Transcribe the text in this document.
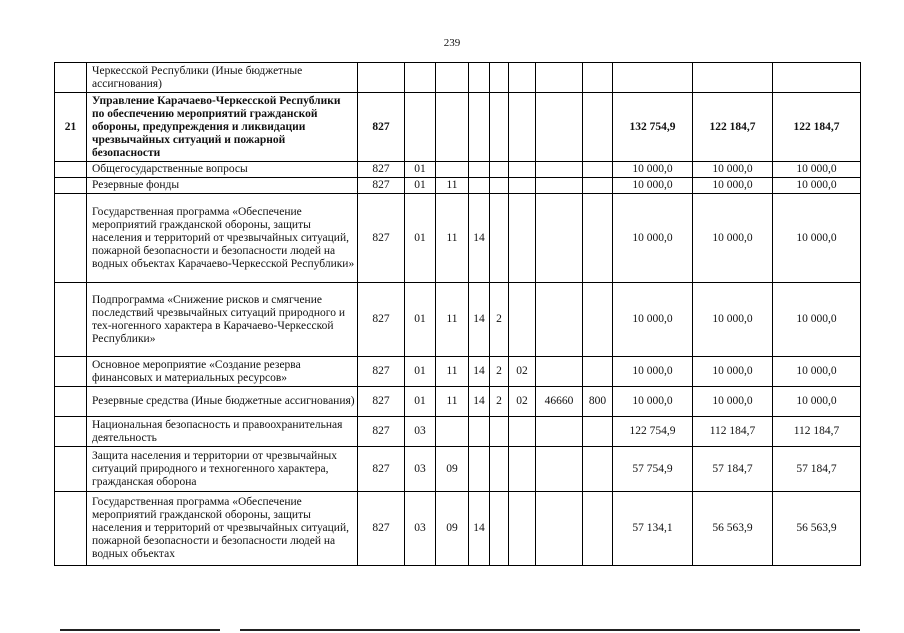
239
	Черкесской Республики (Иные бюджетные ассигнования)											
21	Управление Карачаево-Черкесской Республики по обеспечению мероприятий гражданской обороны, предупреждения и ликвидации чрезвычайных ситуаций и пожарной безопасности	827								132 754,9	122 184,7	122 184,7
	Общегосударственные вопросы	827	01							10 000,0	10 000,0	10 000,0
	Резервные фонды	827	01	11						10 000,0	10 000,0	10 000,0
	Государственная программа «Обеспечение мероприятий гражданской обороны, защиты населения и территорий от чрезвычайных ситуаций, пожарной безопасности и безопасности людей на водных объектах Карачаево-Черкесской Республики»	827	01	11	14					10 000,0	10 000,0	10 000,0
	Подпрограмма «Снижение рисков и смягчение последствий чрезвычайных ситуаций природного и тех-ногенного характера в Карачаево-Черкесской Республики»	827	01	11	14	2				10 000,0	10 000,0	10 000,0
	Основное мероприятие «Создание резерва финансовых и материальных ресурсов»	827	01	11	14	2	02			10 000,0	10 000,0	10 000,0
	Резервные средства (Иные бюджетные ассигнования)	827	01	11	14	2	02	46660	800	10 000,0	10 000,0	10 000,0
	Национальная безопасность и правоохранительная деятельность	827	03							122 754,9	112 184,7	112 184,7
	Защита населения и территории от чрезвычайных ситуаций природного и техногенного характера, гражданская оборона	827	03	09						57 754,9	57 184,7	57 184,7
	Государственная программа «Обеспечение мероприятий гражданской обороны, защиты населения и территорий от чрезвычайных ситуаций, пожарной безопасности и безопасности людей на водных объектах	827	03	09	14					57 134,1	56 563,9	56 563,9
